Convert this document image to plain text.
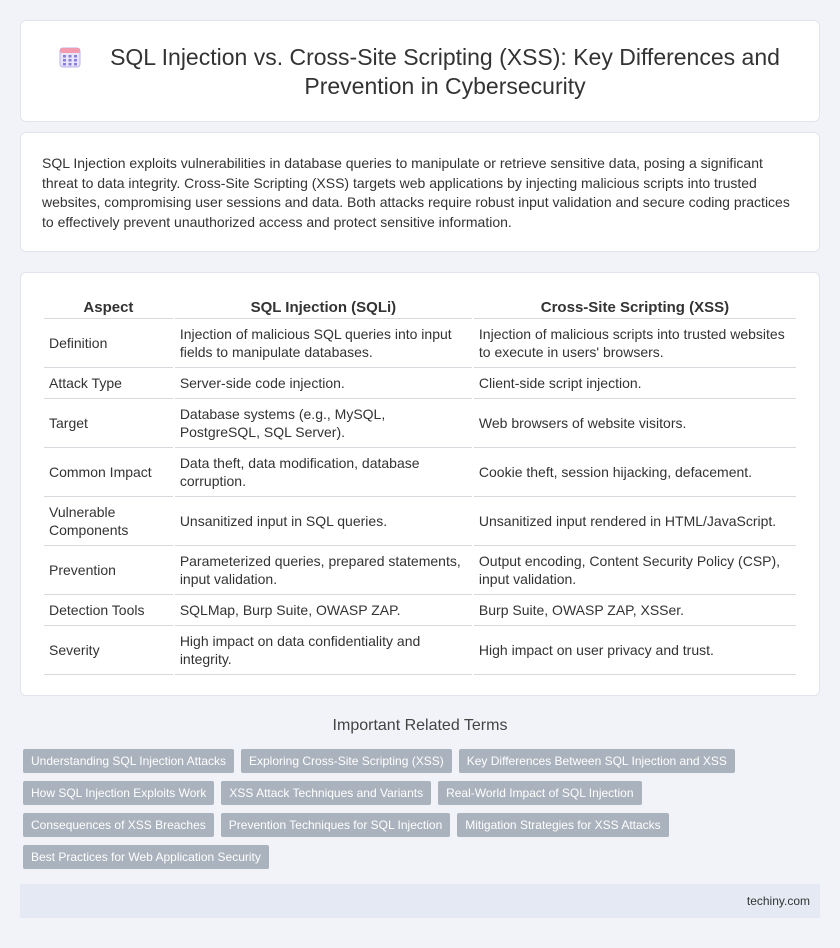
SQL Injection vs. Cross-Site Scripting (XSS): Key Differences and Prevention in Cybersecurity

SQL Injection exploits vulnerabilities in database queries to manipulate or retrieve sensitive data, posing a significant threat to data integrity. Cross-Site Scripting (XSS) targets web applications by injecting malicious scripts into trusted websites, compromising user sessions and data. Both attacks require robust input validation and secure coding practices to effectively prevent unauthorized access and protect sensitive information.

Aspect	SQL Injection (SQLi)	Cross-Site Scripting (XSS)
Definition	Injection of malicious SQL queries into input fields to manipulate databases.	Injection of malicious scripts into trusted websites to execute in users' browsers.
Attack Type	Server-side code injection.	Client-side script injection.
Target	Database systems (e.g., MySQL, PostgreSQL, SQL Server).	Web browsers of website visitors.
Common Impact	Data theft, data modification, database corruption.	Cookie theft, session hijacking, defacement.
Vulnerable Components	Unsanitized input in SQL queries.	Unsanitized input rendered in HTML/JavaScript.
Prevention	Parameterized queries, prepared statements, input validation.	Output encoding, Content Security Policy (CSP), input validation.
Detection Tools	SQLMap, Burp Suite, OWASP ZAP.	Burp Suite, OWASP ZAP, XSSer.
Severity	High impact on data confidentiality and integrity.	High impact on user privacy and trust.
Important Related Terms
Understanding SQL Injection Attacks	Exploring Cross-Site Scripting (XSS)	Key Differences Between SQL Injection and XSS
How SQL Injection Exploits Work	XSS Attack Techniques and Variants	Real-World Impact of SQL Injection
Consequences of XSS Breaches	Prevention Techniques for SQL Injection	Mitigation Strategies for XSS Attacks
Best Practices for Web Application Security
techiny.com
